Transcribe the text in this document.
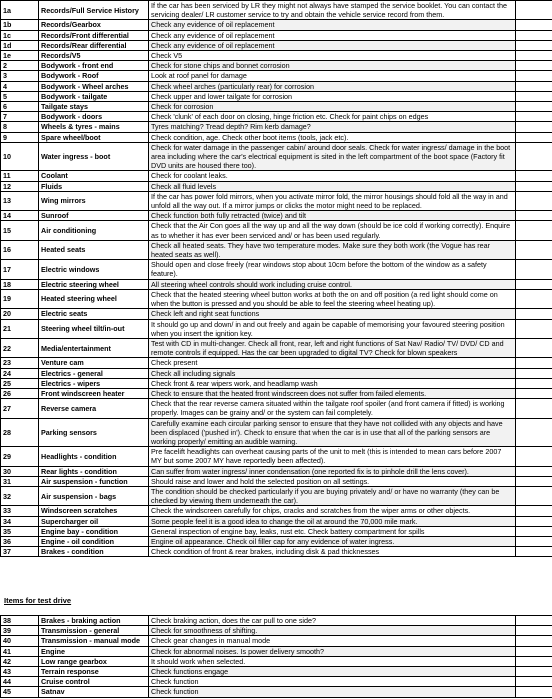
1a	Records/Full Service History	If the car has been serviced by LR they might not always have stamped the service booklet. You can contact the servicing dealer/ LR customer service to try and obtain the vehicle service record from them.	
1b	Records/Gearbox	Check any evidence of oil replacement	
1c	Records/Front differential	Check any evidence of oil replacement	
1d	Records/Rear differential	Check any evidence of oil replacement	
1e	Records/V5	Check V5	
2	Bodywork - front end	Check for stone chips and bonnet corrosion	
3	Bodywork - Roof	Look at roof panel for damage	
4	Bodywork - Wheel arches	Check wheel arches (particularly rear) for corrosion	
5	Bodywork - tailgate	Check upper and lower tailgate for corrosion	
6	Tailgate stays	Check for corrosion	
7	Bodywork - doors	Check 'clunk' of each door on closing, hinge friction etc. Check for paint chips on edges	
8	Wheels & tyres - mains	Tyres matching? Tread depth? Rim kerb damage?	
9	Spare wheel/boot	Check condition, age. Check other boot items (tools, jack etc).	
10	Water ingress - boot	Check for water damage in the passenger cabin/ around door seals. Check for water ingress/ damage in the boot area including where the car's electrical equipment is sited in the left compartment of the boot space (Factory fit DVD units are housed there too).	
11	Coolant	Check for coolant leaks.	
12	Fluids	Check all fluid levels	
13	Wing mirrors	If the car has power fold mirrors, when you activate mirror fold, the mirror housings should fold all the way in and unfold all the way out. If a mirror jumps or clicks the motor might need to be replaced.	
14	Sunroof	Check function both fully retracted (twice) and tilt	
15	Air conditioning	Check that the Air Con goes all the way up and all the way down (should be ice cold if working correctly). Enquire as to whether it has ever been serviced and/ or has been used regularly.	
16	Heated seats	Check all heated seats. They have two temperature modes. Make sure they both work (the Vogue has rear heated seats as well).	
17	Electric windows	Should open and close freely (rear windows stop about 10cm before the bottom of the window as a safety feature).	
18	Electric steering wheel	All steering wheel controls should work including cruise control.	
19	Heated steering wheel	Check that the heated steering wheel button works at both the on and off position (a red light should come on when the button is pressed and you should be able to feel the steering wheel heating up).	
20	Electric seats	Check left and right seat functions	
21	Steering wheel tilt/in-out	It should go up and down/ in and out freely and again be capable of memorising your favoured steering position when you insert the ignition key.	
22	Media/entertainment	Test with CD in multi-changer. Check all front, rear, left and right functions of Sat Nav/ Radio/ TV/ DVD/ CD and remote controls if equipped. Has the car been upgraded to digital TV? Check for blown speakers	
23	Venture cam	Check present	
24	Electrics - general	Check all including signals	
25	Electrics - wipers	Check front & rear wipers work, and headlamp wash	
26	Front windscreen heater	Check to ensure that the heated front windscreen does not suffer from failed elements.	
27	Reverse camera	Check that the rear reverse camera situated within the tailgate roof spoiler (and front camera if fitted) is working properly. Images can be grainy and/ or the system can fail completely.	
28	Parking sensors	Carefully examine each circular parking sensor to ensure that they have not collided with any objects and have been displaced ('pushed in'). Check to ensure that when the car is in use that all of the parking sensors are working properly/ emitting an audible warning.	
29	Headlights - condition	Pre facelift headlights can overheat causing parts of the unit to melt (this is intended to mean cars before 2007 MY but some 2007 MY have reportedly been affected).	
30	Rear lights - condition	Can suffer from water ingress/ inner condensation (one reported fix is to pinhole drill the lens cover).	
31	Air suspension - function	Should raise and lower and hold the selected position on all settings.	
32	Air suspension - bags	The condition should be checked particularly if you are buying privately and/ or have no warranty (they can be checked by viewing them underneath the car).	
33	Windscreen scratches	Check the windscreen carefully for chips, cracks and scratches from the wiper arms or other objects.	
34	Supercharger oil	Some people feel it is a good idea to change the oil at around the 70,000 mile mark.	
35	Engine bay - condition	General inspection of engine bay, leaks, rust etc. Check battery compartment for spills	
36	Engine - oil condition	Engine oil appearance. Check oil filler cap for any evidence of water ingress.	
37	Brakes - condition	Check condition of front & rear brakes, including disk & pad thicknesses	
Items for test drive
38	Brakes - braking action	Check braking action, does the car pull to one side?	
39	Transmission - general	Check for smoothness of shifting.	
40	Transmission - manual mode	Check gear changes in manual mode	
41	Engine	Check for abnormal noises. Is power delivery smooth?	
42	Low range gearbox	It should work when selected.	
43	Terrain response	Check functions engage	
44	Cruise control	Check function	
45	Satnav	Check function	
